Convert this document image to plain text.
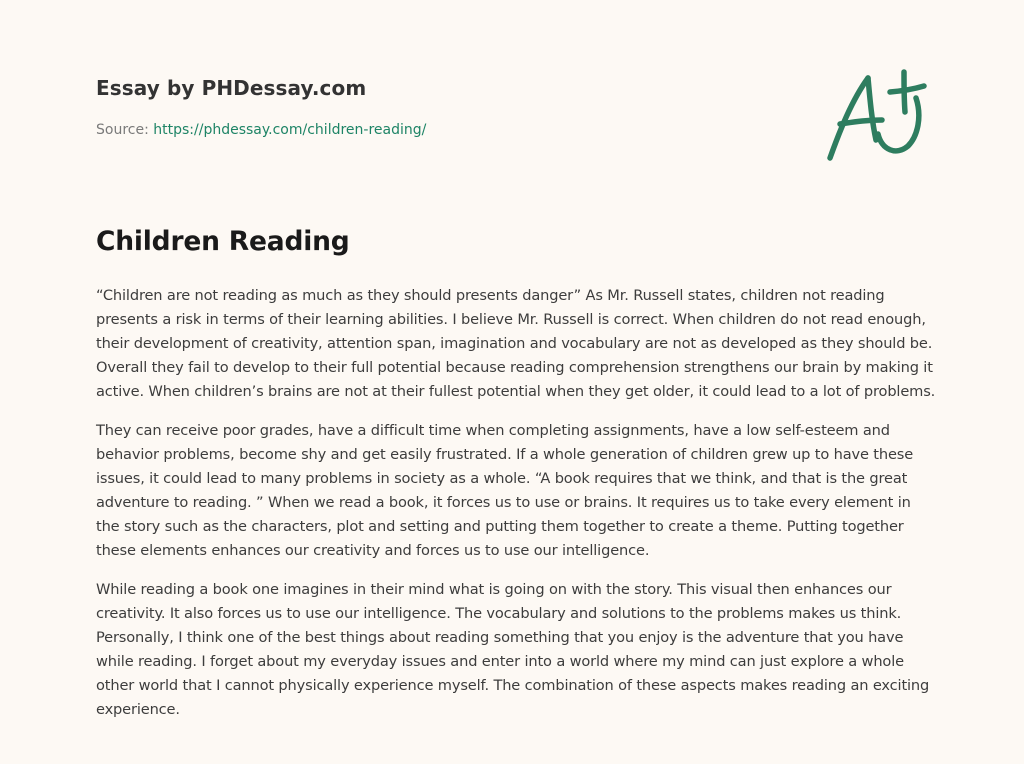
Essay by PHDessay.com
Source: https://phdessay.com/children-reading/
Children Reading

“Children are not reading as much as they should presents danger” As Mr. Russell states, children not reading presents a risk in terms of their learning abilities. I believe Mr. Russell is correct. When children do not read enough, their development of creativity, attention span, imagination and vocabulary are not as developed as they should be. Overall they fail to develop to their full potential because reading comprehension strengthens our brain by making it active. When children’s brains are not at their fullest potential when they get older, it could lead to a lot of problems.

They can receive poor grades, have a difficult time when completing assignments, have a low self-esteem and behavior problems, become shy and get easily frustrated. If a whole generation of children grew up to have these issues, it could lead to many problems in society as a whole. “A book requires that we think, and that is the great adventure to reading. ” When we read a book, it forces us to use or brains. It requires us to take every element in the story such as the characters, plot and setting and putting them together to create a theme. Putting together these elements enhances our creativity and forces us to use our intelligence.

While reading a book one imagines in their mind what is going on with the story. This visual then enhances our creativity. It also forces us to use our intelligence. The vocabulary and solutions to the problems makes us think. Personally, I think one of the best things about reading something that you enjoy is the adventure that you have while reading. I forget about my everyday issues and enter into a world where my mind can just explore a whole other world that I cannot physically experience myself. The combination of these aspects makes reading an exciting experience.
